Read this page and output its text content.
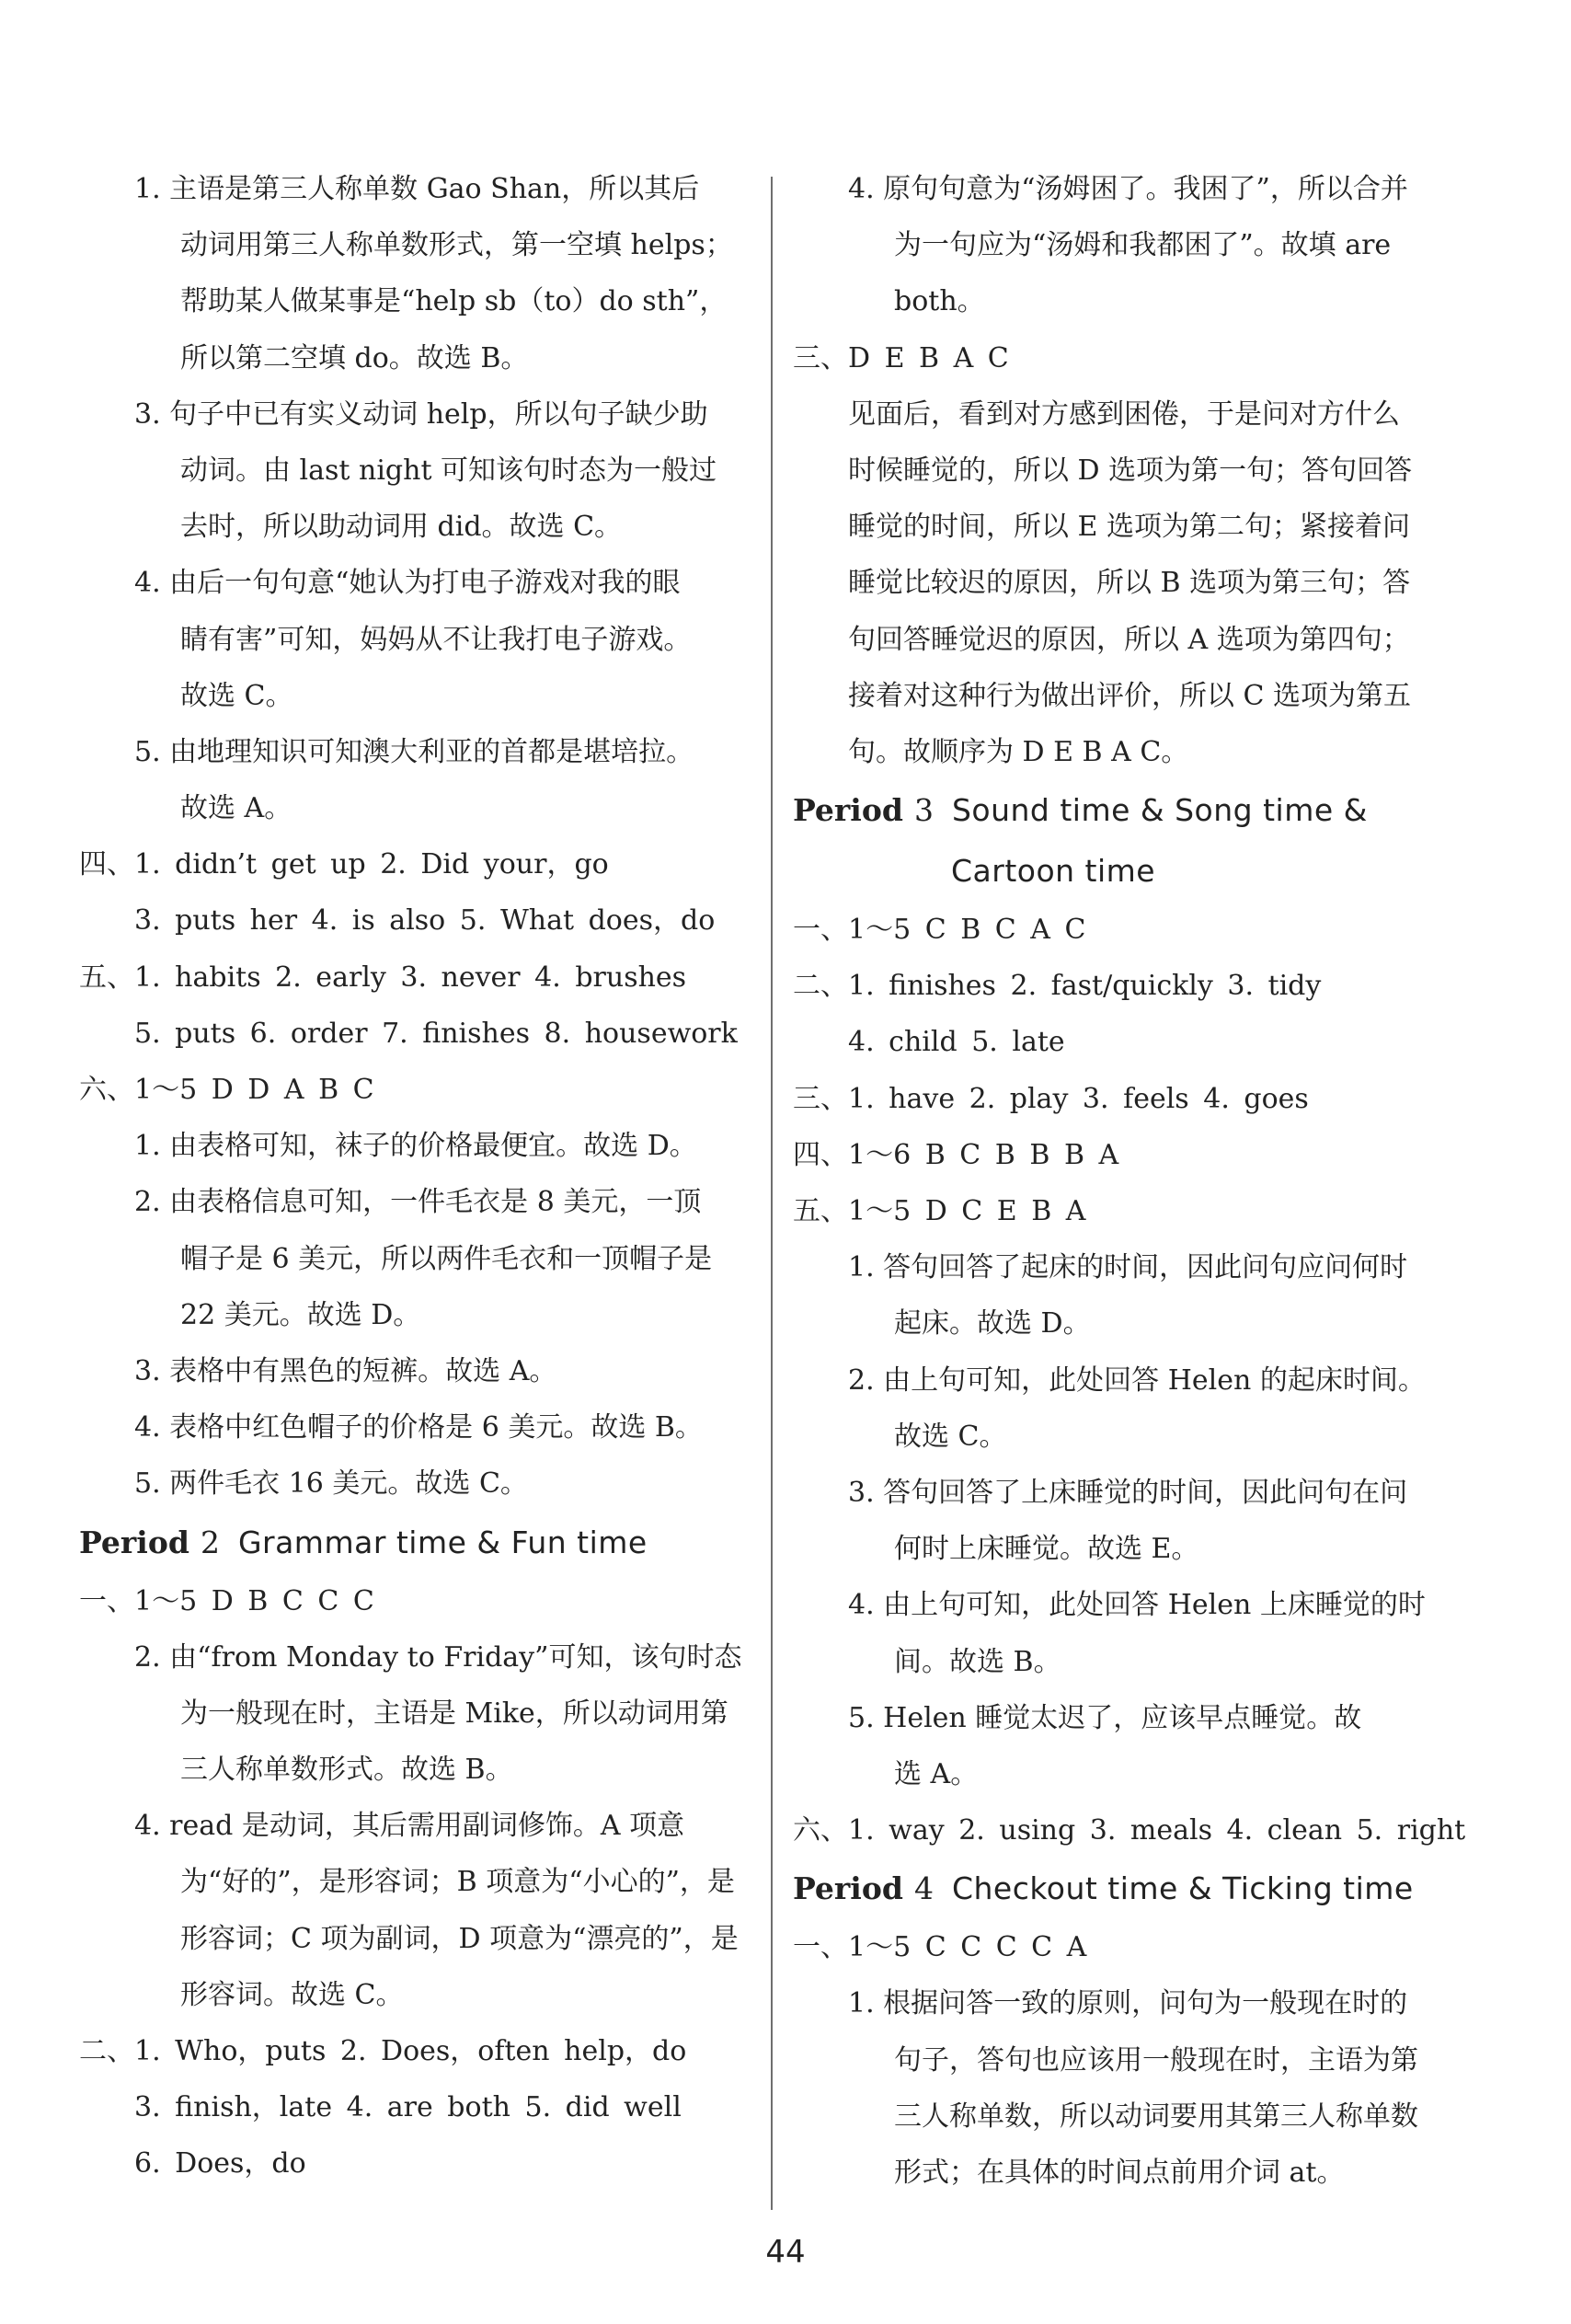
1. 主语是第三人称单数 Gao Shan，所以其后
动词用第三人称单数形式，第一空填 helps；
帮助某人做某事是“help sb（to）do sth”，
所以第二空填 do。故选 B。
3. 句子中已有实义动词 help，所以句子缺少助
动词。由 last night 可知该句时态为一般过
去时，所以助动词用 did。故选 C。
4. 由后一句句意“她认为打电子游戏对我的眼
睛有害”可知，妈妈从不让我打电子游戏。
故选 C。
5. 由地理知识可知澳大利亚的首都是堪培拉。
故选 A。
四、1. didn’t get up 2. Did your，go
3. puts her 4. is also 5. What does，do
五、1. habits 2. early 3. never 4. brushes
5. puts 6. order 7. finishes 8. housework
六、1～5 D D A B C
1. 由表格可知，袜子的价格最便宜。故选 D。
2. 由表格信息可知，一件毛衣是 8 美元，一顶
帽子是 6 美元，所以两件毛衣和一顶帽子是
22 美元。故选 D。
3. 表格中有黑色的短裤。故选 A。
4. 表格中红色帽子的价格是 6 美元。故选 B。
5. 两件毛衣 16 美元。故选 C。
Period 2 Grammar time & Fun time
一、1～5 D B C C C
2. 由“from Monday to Friday”可知，该句时态
为一般现在时，主语是 Mike，所以动词用第
三人称单数形式。故选 B。
4. read 是动词，其后需用副词修饰。A 项意
为“好的”，是形容词；B 项意为“小心的”，是
形容词；C 项为副词，D 项意为“漂亮的”，是
形容词。故选 C。
二、1. Who，puts 2. Does，often help，do
3. finish，late 4. are both 5. did well
6. Does，do
4. 原句句意为“汤姆困了。我困了”，所以合并
为一句应为“汤姆和我都困了”。故填 are
both。
三、D E B A C
见面后，看到对方感到困倦，于是问对方什么
时候睡觉的，所以 D 选项为第一句；答句回答
睡觉的时间，所以 E 选项为第二句；紧接着问
睡觉比较迟的原因，所以 B 选项为第三句；答
句回答睡觉迟的原因，所以 A 选项为第四句；
接着对这种行为做出评价，所以 C 选项为第五
句。故顺序为 D E B A C。
Period 3 Sound time & Song time &
Cartoon time
一、1～5 C B C A C
二、1. finishes 2. fast/quickly 3. tidy
4. child 5. late
三、1. have 2. play 3. feels 4. goes
四、1～6 B C B B B A
五、1～5 D C E B A
1. 答句回答了起床的时间，因此问句应问何时
起床。故选 D。
2. 由上句可知，此处回答 Helen 的起床时间。
故选 C。
3. 答句回答了上床睡觉的时间，因此问句在问
何时上床睡觉。故选 E。
4. 由上句可知，此处回答 Helen 上床睡觉的时
间。故选 B。
5. Helen 睡觉太迟了，应该早点睡觉。故
选 A。
六、1. way 2. using 3. meals 4. clean 5. right
Period 4 Checkout time & Ticking time
一、1～5 C C C C A
1. 根据问答一致的原则，问句为一般现在时的
句子，答句也应该用一般现在时，主语为第
三人称单数，所以动词要用其第三人称单数
形式；在具体的时间点前用介词 at。
44
